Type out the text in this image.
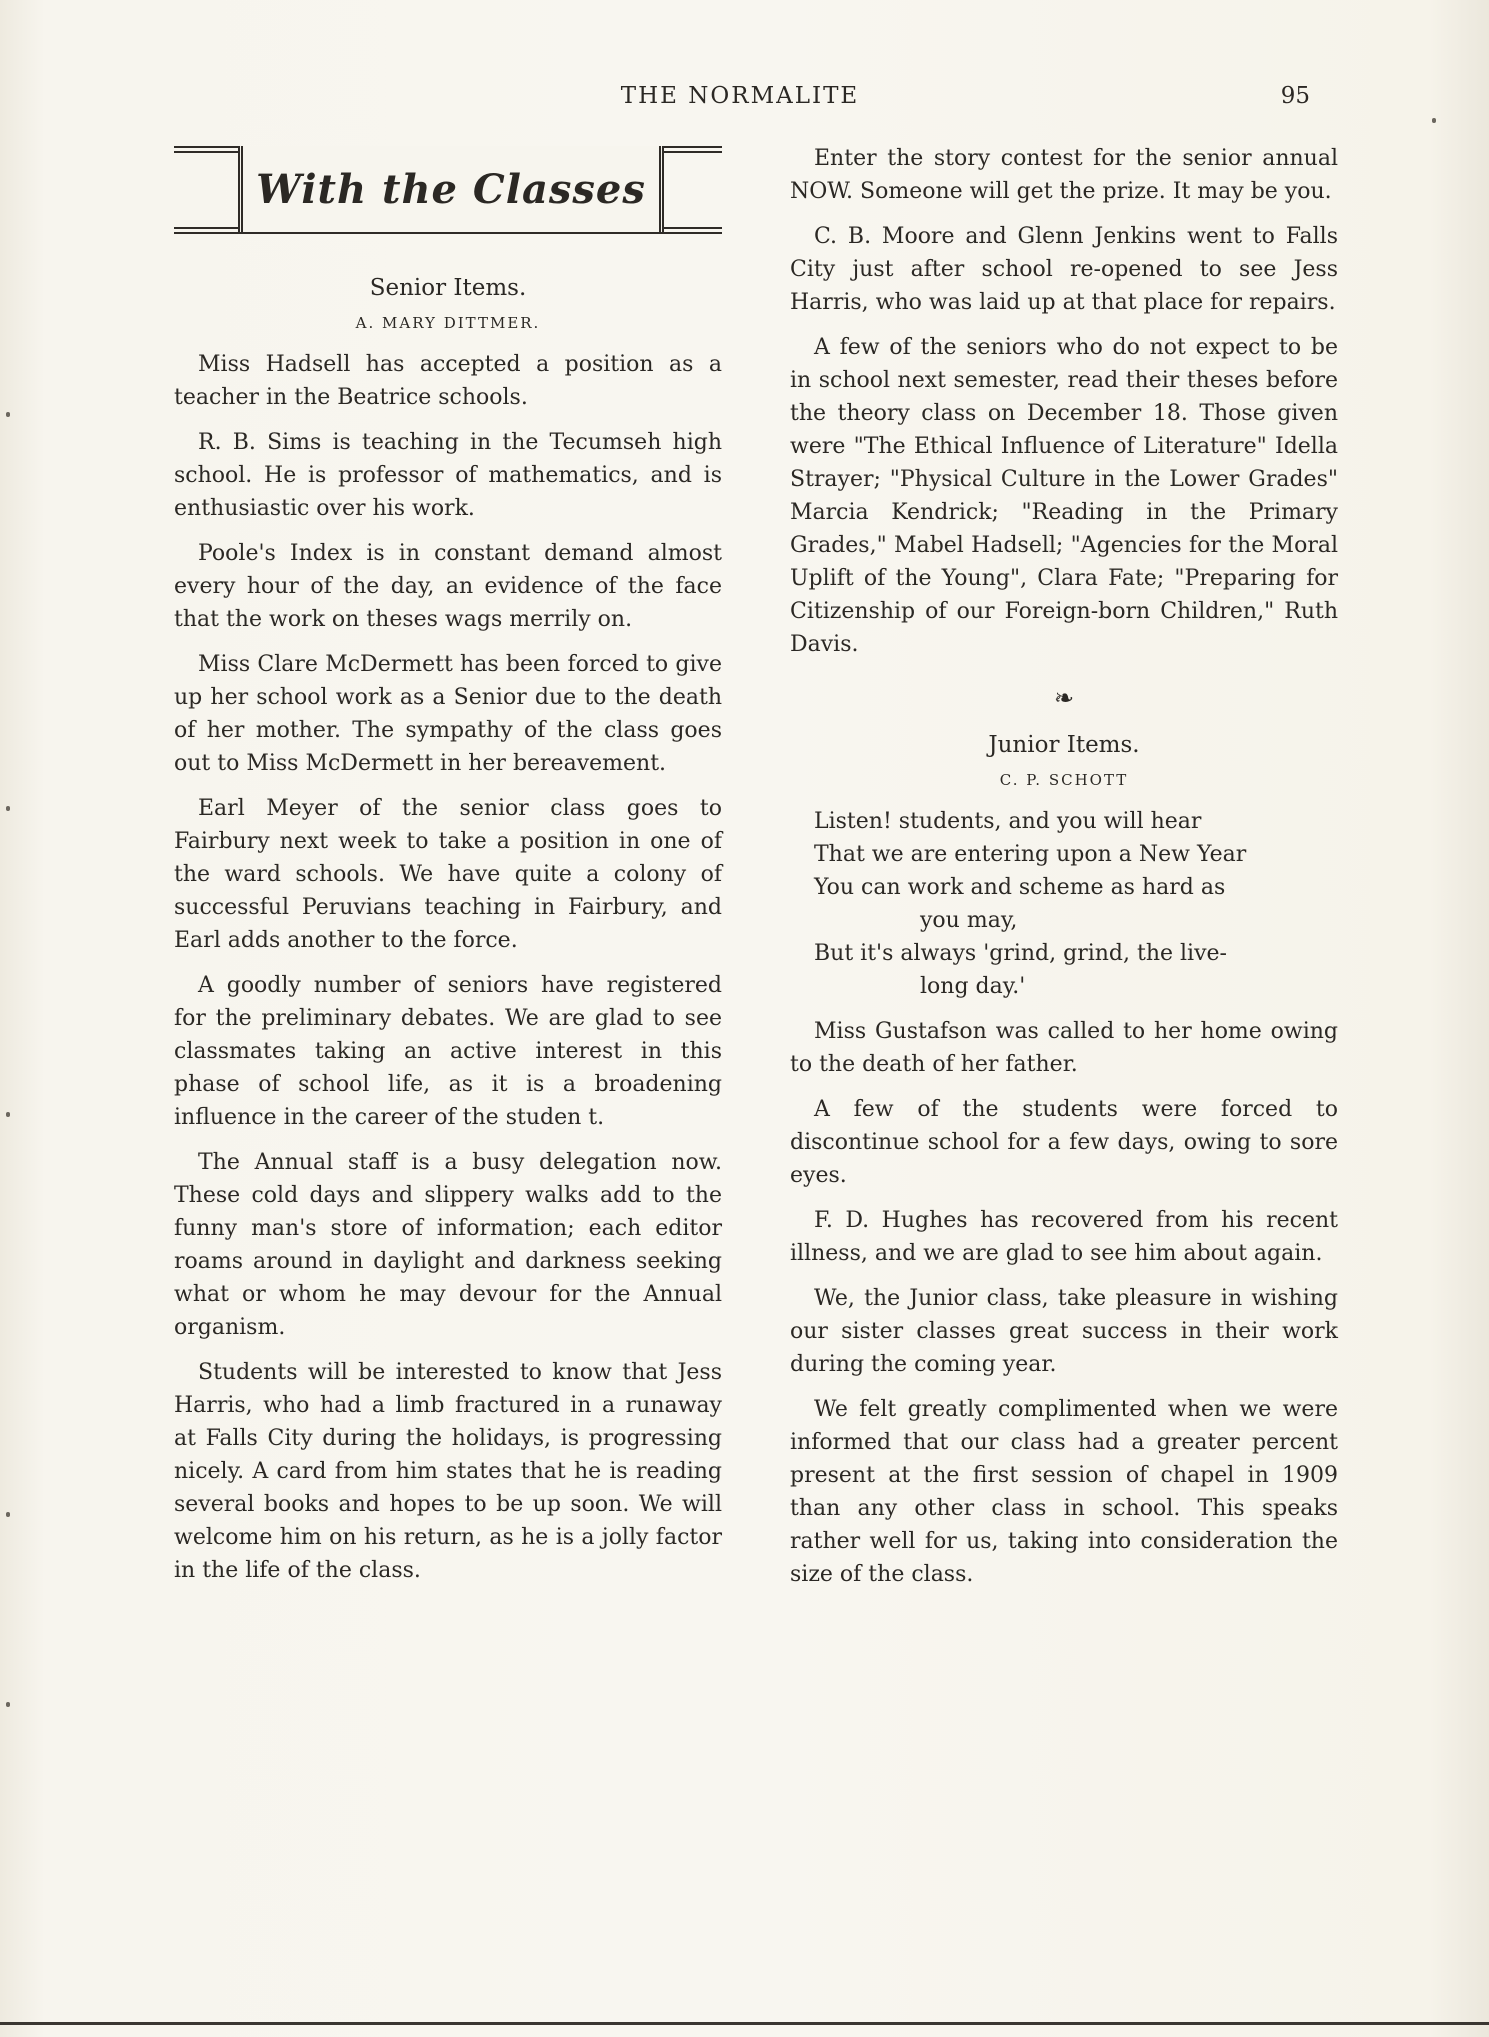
THE NORMALITE	95
With the Classes
Senior Items.
A. MARY DITTMER.

Miss Hadsell has accepted a position as a teacher in the Beatrice schools.

R. B. Sims is teaching in the Tecumseh high school. He is professor of mathematics, and is enthusiastic over his work.

Poole's Index is in constant demand almost every hour of the day, an evidence of the face that the work on theses wags merrily on.

Miss Clare McDermett has been forced to give up her school work as a Senior due to the death of her mother. The sympathy of the class goes out to Miss McDermett in her bereavement.

Earl Meyer of the senior class goes to Fairbury next week to take a position in one of the ward schools. We have quite a colony of successful Peruvians teaching in Fairbury, and Earl adds another to the force.

A goodly number of seniors have registered for the preliminary debates. We are glad to see classmates taking an active interest in this phase of school life, as it is a broadening influence in the career of the studen t.

The Annual staff is a busy delegation now. These cold days and slippery walks add to the funny man's store of information; each editor roams around in daylight and darkness seeking what or whom he may devour for the Annual organism.

Students will be interested to know that Jess Harris, who had a limb fractured in a runaway at Falls City during the holidays, is progressing nicely. A card from him states that he is reading several books and hopes to be up soon. We will welcome him on his return, as he is a jolly factor in the life of the class.

Enter the story contest for the senior annual NOW. Someone will get the prize. It may be you.

C. B. Moore and Glenn Jenkins went to Falls City just after school re-opened to see Jess Harris, who was laid up at that place for repairs.

A few of the seniors who do not expect to be in school next semester, read their theses before the theory class on December 18. Those given were "The Ethical Influence of Literature" Idella Strayer; "Physical Culture in the Lower Grades" Marcia Kendrick; "Reading in the Primary Grades," Mabel Hadsell; "Agencies for the Moral Uplift of the Young", Clara Fate; "Preparing for Citizenship of our Foreign-born Children," Ruth Davis.

❧
Junior Items.
C. P. SCHOTT
Listen! students, and you will hear
That we are entering upon a New Year
You can work and scheme as hard as
you may,
But it's always 'grind, grind, the live-
long day.'

Miss Gustafson was called to her home owing to the death of her father.

A few of the students were forced to discontinue school for a few days, owing to sore eyes.

F. D. Hughes has recovered from his recent illness, and we are glad to see him about again.

We, the Junior class, take pleasure in wishing our sister classes great success in their work during the coming year.

We felt greatly complimented when we were informed that our class had a greater percent present at the first session of chapel in 1909 than any other class in school. This speaks rather well for us, taking into consideration the size of the class.
